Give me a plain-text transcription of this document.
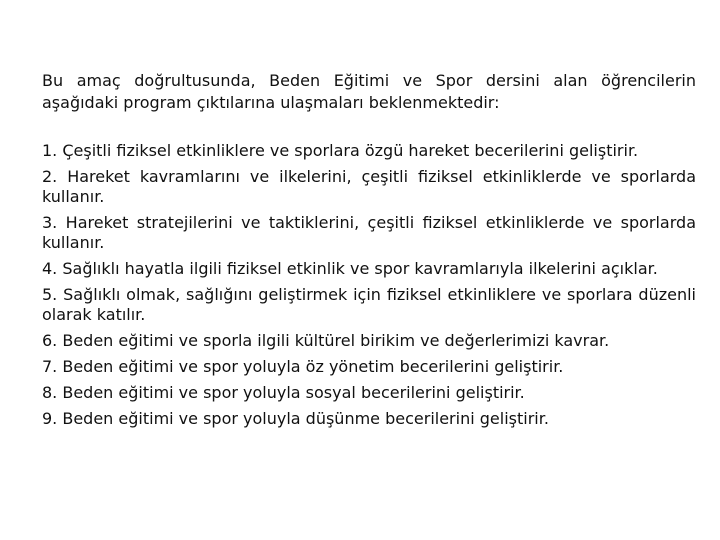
Bu amaç doğrultusunda, Beden Eğitimi ve Spor dersini alan öğrencilerin aşağıdaki program çıktılarına ulaşmaları beklenmektedir:

1. Çeşitli fiziksel etkinliklere ve sporlara özgü hareket becerilerini geliştirir.
2. Hareket kavramlarını ve ilkelerini, çeşitli fiziksel etkinliklerde ve sporlarda kullanır.
3. Hareket stratejilerini ve taktiklerini, çeşitli fiziksel etkinliklerde ve sporlarda kullanır.
4. Sağlıklı hayatla ilgili fiziksel etkinlik ve spor kavramlarıyla ilkelerini açıklar.
5. Sağlıklı olmak, sağlığını geliştirmek için fiziksel etkinliklere ve sporlara düzenli olarak katılır.
6. Beden eğitimi ve sporla ilgili kültürel birikim ve değerlerimizi kavrar.
7. Beden eğitimi ve spor yoluyla öz yönetim becerilerini geliştirir.
8. Beden eğitimi ve spor yoluyla sosyal becerilerini geliştirir.
9. Beden eğitimi ve spor yoluyla düşünme becerilerini geliştirir.
